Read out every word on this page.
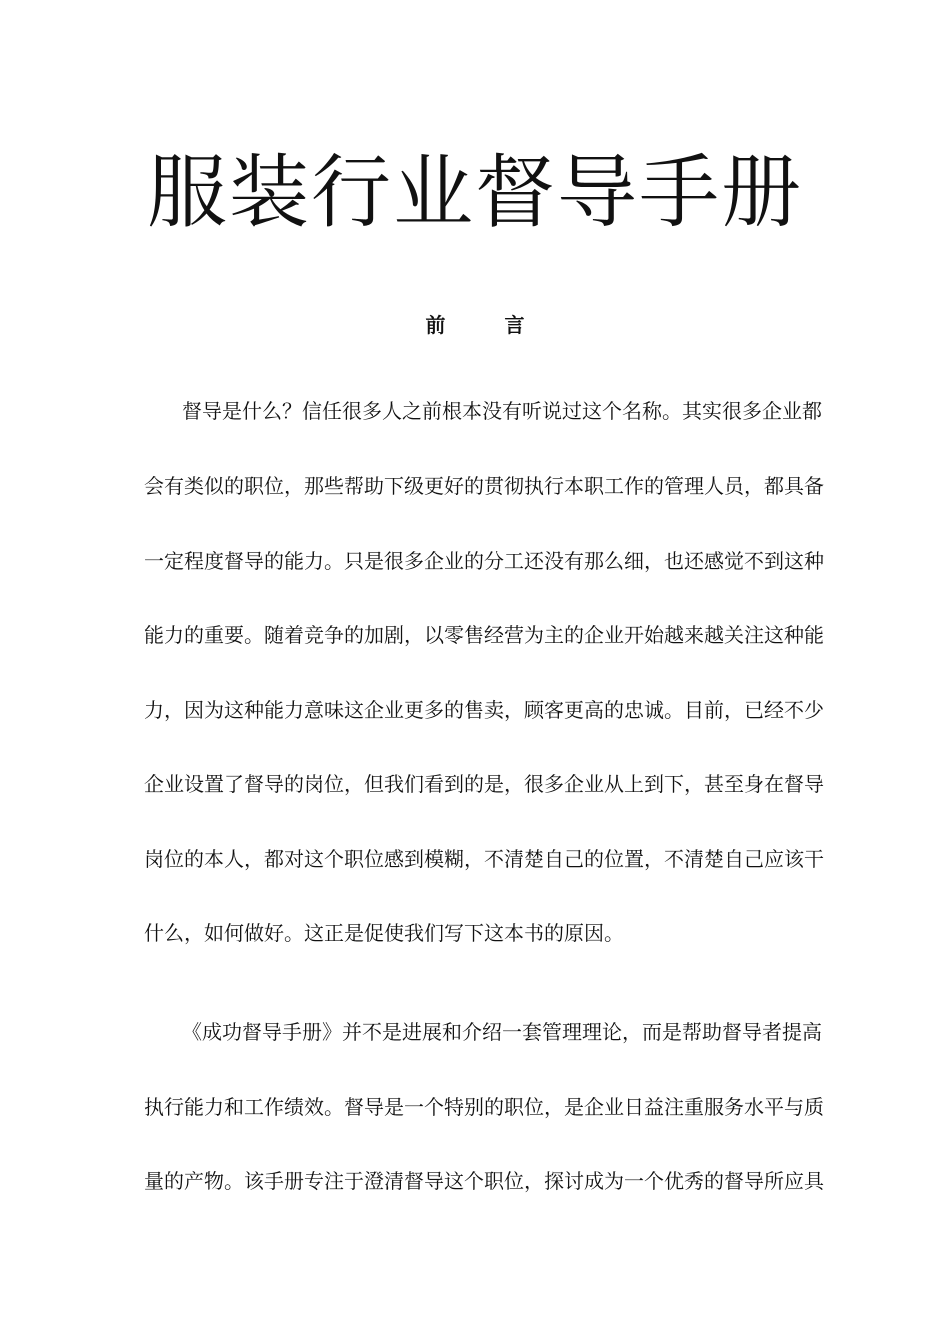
服装行业督导手册
前 言

督导是什么？信任很多人之前根本没有听说过这个名称。其实很多企业都

会有类似的职位，那些帮助下级更好的贯彻执行本职工作的管理人员，都具备

一定程度督导的能力。只是很多企业的分工还没有那么细，也还感觉不到这种

能力的重要。随着竞争的加剧，以零售经营为主的企业开始越来越关注这种能

力，因为这种能力意味这企业更多的售卖，顾客更高的忠诚。目前，已经不少

企业设置了督导的岗位，但我们看到的是，很多企业从上到下，甚至身在督导

岗位的本人，都对这个职位感到模糊，不清楚自己的位置，不清楚自己应该干

什么，如何做好。这正是促使我们写下这本书的原因。

《成功督导手册》并不是进展和介绍一套管理理论，而是帮助督导者提高

执行能力和工作绩效。督导是一个特别的职位，是企业日益注重服务水平与质

量的产物。该手册专注于澄清督导这个职位，探讨成为一个优秀的督导所应具
